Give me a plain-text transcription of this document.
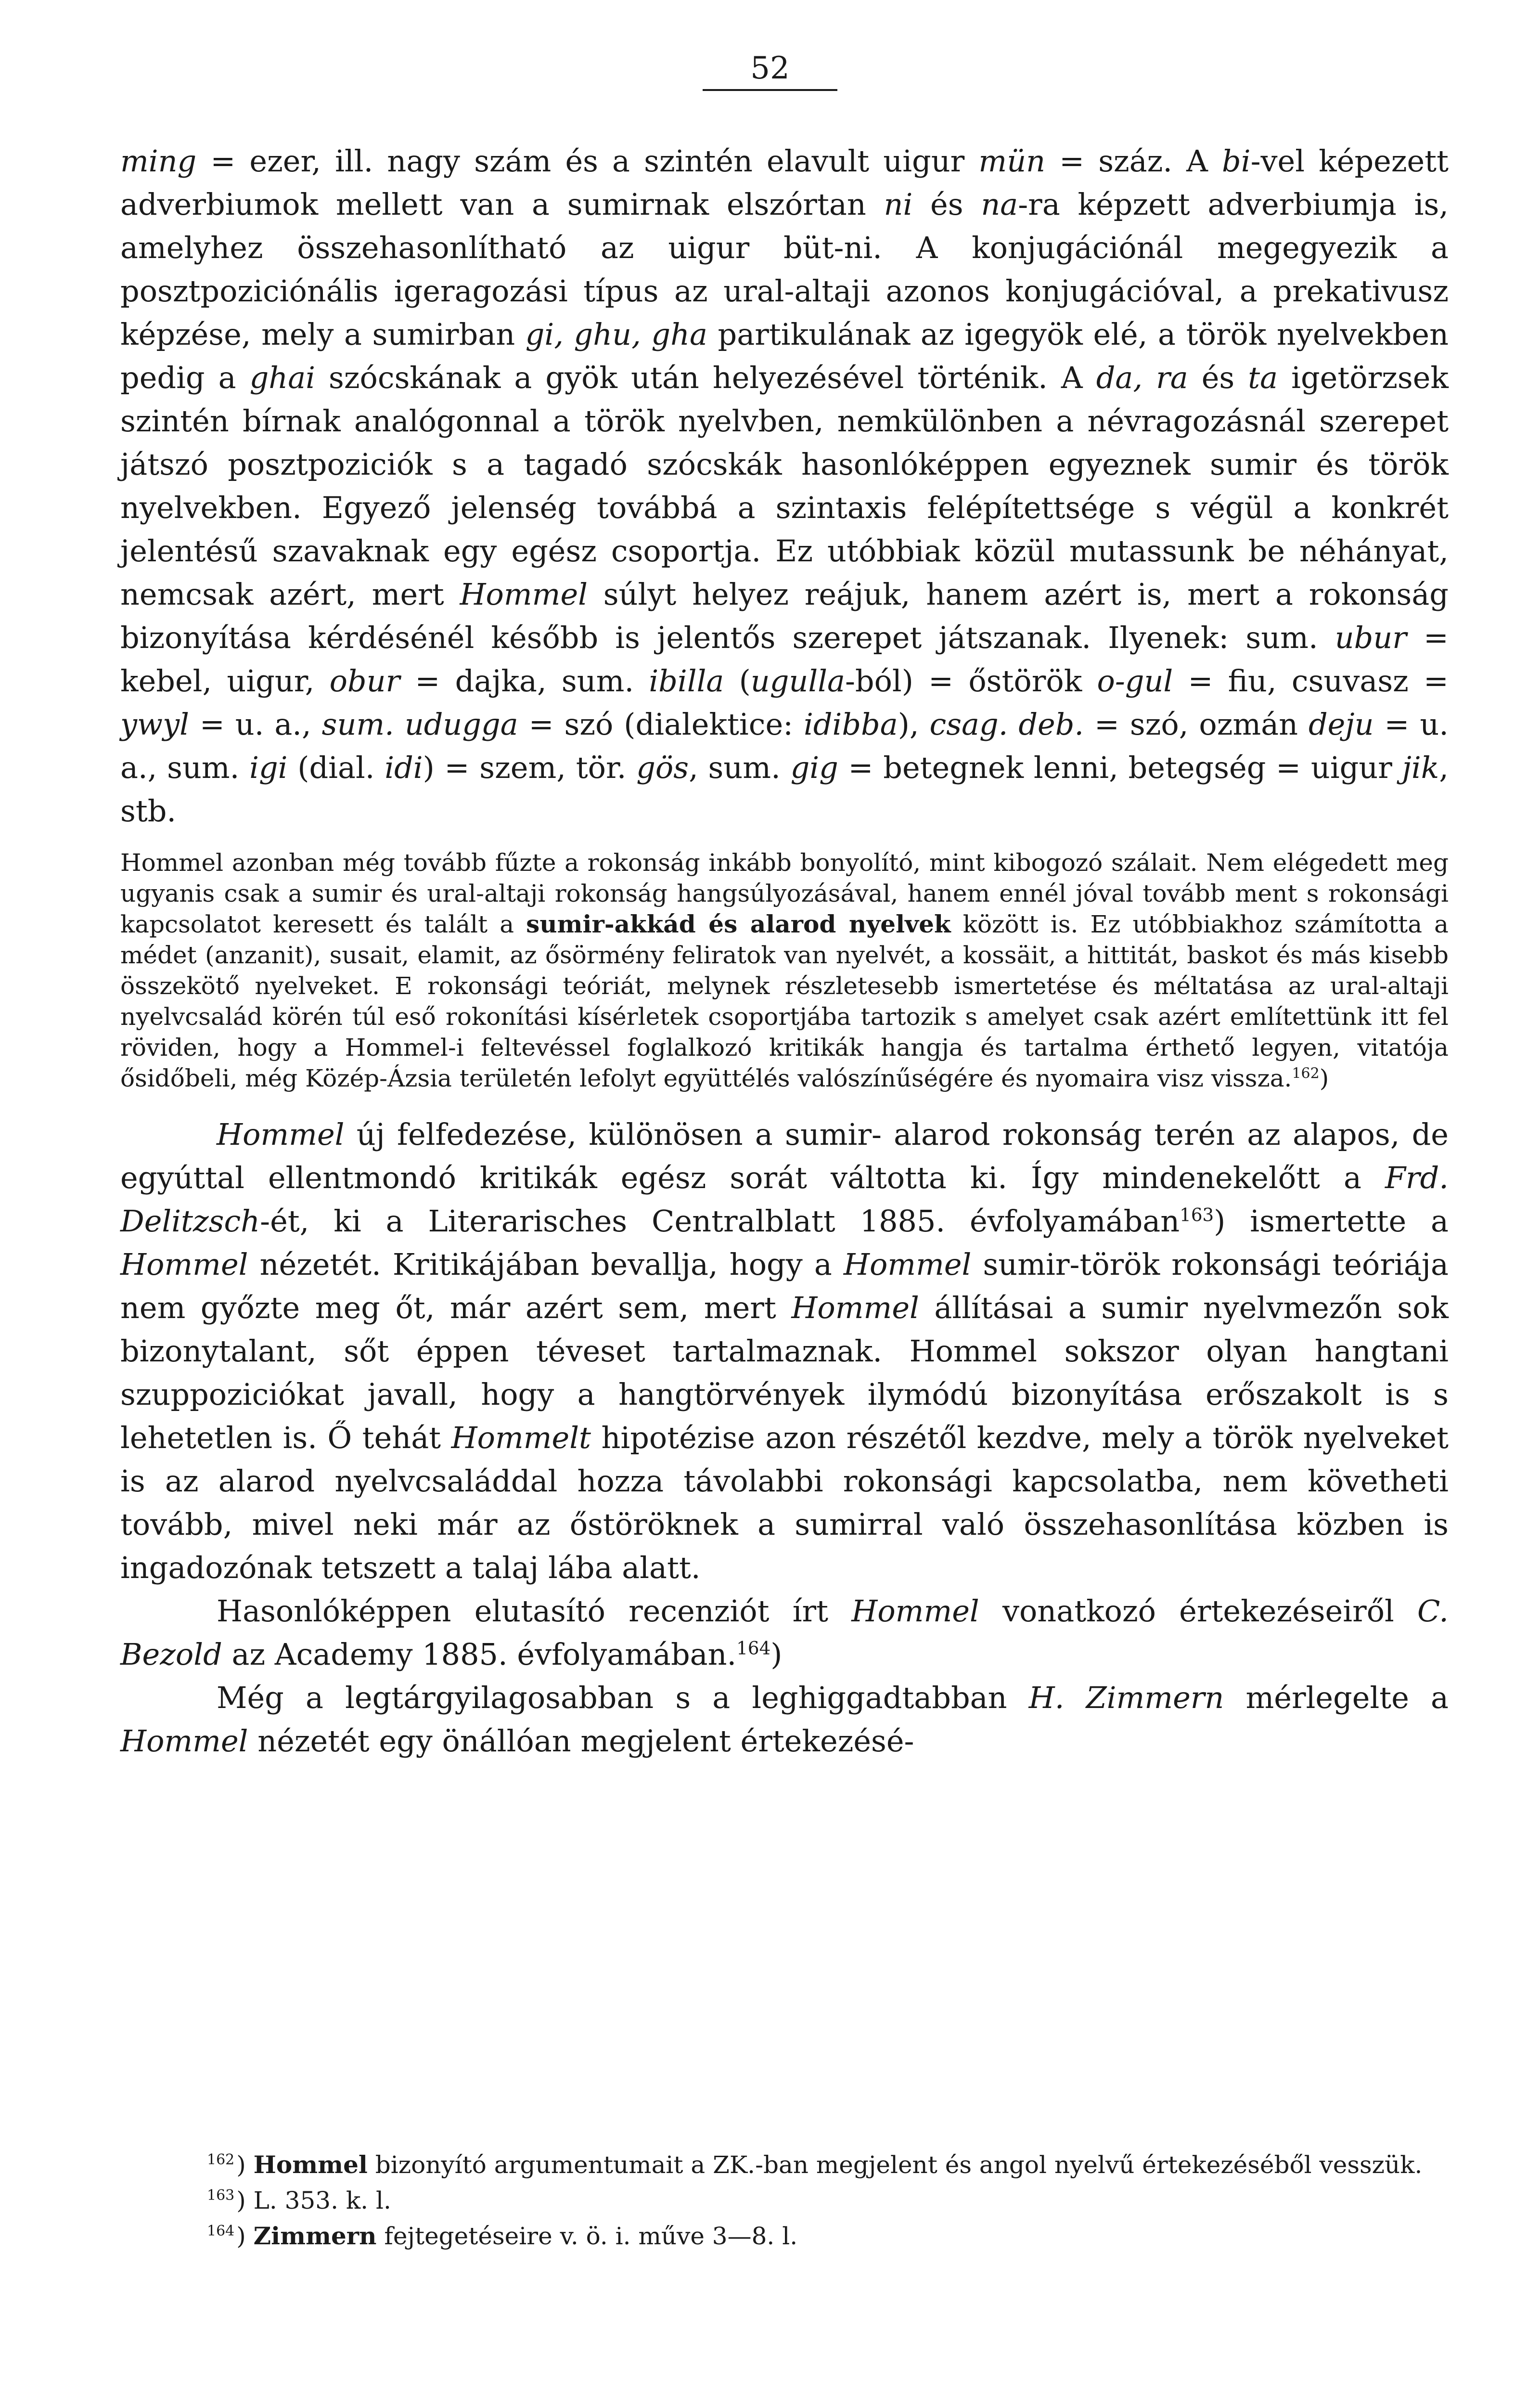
52

ming = ezer, ill. nagy szám és a szintén elavult uigur mün = száz. A bi-vel képezett adverbiumok mellett van a sumirnak elszórtan ni és na-ra képzett adverbiumja is, amelyhez összehasonlítható az uigur büt-ni. A konjugációnál megegyezik a posztpoziciónális igeragozási típus az ural-altaji azonos konjugációval, a prekativusz képzése, mely a sumirban gi, ghu, gha partikulának az igegyök elé, a török nyelvekben pedig a ghai szócskának a gyök után helyezésével történik. A da, ra és ta igetörzsek szintén bírnak analógonnal a török nyelvben, nemkülönben a névragozásnál szerepet játszó posztpoziciók s a tagadó szócskák hasonlóképpen egyeznek sumir és török nyelvekben. Egyező jelenség továbbá a szintaxis felépítettsége s végül a konkrét jelentésű szavaknak egy egész csoportja. Ez utóbbiak közül mutassunk be néhányat, nemcsak azért, mert Hommel súlyt helyez reájuk, hanem azért is, mert a rokonság bizonyítása kérdésénél később is jelentős szerepet játszanak. Ilyenek: sum. ubur = kebel, uigur, obur = dajka, sum. ibilla (ugulla-ból) = őstörök o-gul = fiu, csuvasz = ywyl = u. a., sum. udugga = szó (dialektice: idibba), csag. deb. = szó, ozmán deju = u. a., sum. igi (dial. idi) = szem, tör. gös, sum. gig = betegnek lenni, betegség = uigur jik, stb.

Hommel azonban még tovább fűzte a rokonság inkább bonyolító, mint kibogozó szálait. Nem elégedett meg ugyanis csak a sumir és ural-altaji rokonság hangsúlyozásával, hanem ennél jóval tovább ment s rokonsági kapcsolatot keresett és talált a sumir-akkád és alarod nyelvek között is. Ez utóbbiakhoz számította a médet (anzanit), susait, elamit, az ősörmény feliratok van nyelvét, a kossäit, a hittitát, baskot és más kisebb összekötő nyelveket. E rokonsági teóriát, melynek részletesebb ismertetése és méltatása az ural-altaji nyelvcsalád körén túl eső rokonítási kísérletek csoportjába tartozik s amelyet csak azért említettünk itt fel röviden, hogy a Hommel-i feltevéssel foglalkozó kritikák hangja és tartalma érthető legyen, vitatója ősidőbeli, még Közép-Ázsia területén lefolyt együttélés valószínűségére és nyomaira visz vissza.$^{162}$)

Hommel új felfedezése, különösen a sumir- alarod rokonság terén az alapos, de egyúttal ellentmondó kritikák egész sorát váltotta ki. Így mindenekelőtt a Frd. Delitzsch-ét, ki a Literarisches Centralblatt 1885. évfolyamában$^{163}$) ismertette a Hommel nézetét. Kritikájában bevallja, hogy a Hommel sumir-török rokonsági teóriája nem győzte meg őt, már azért sem, mert Hommel állításai a sumir nyelvmezőn sok bizonytalant, sőt éppen téveset tartalmaznak. Hommel sokszor olyan hangtani szuppoziciókat javall, hogy a hangtörvények ilymódú bizonyítása erőszakolt is s lehetetlen is. Ő tehát Hommelt hipotézise azon részétől kezdve, mely a török nyelveket is az alarod nyelvcsaláddal hozza távolabbi rokonsági kapcsolatba, nem követheti tovább, mivel neki már az őstöröknek a sumirral való összehasonlítása közben is ingadozónak tetszett a talaj lába alatt.

Hasonlóképpen elutasító recenziót írt Hommel vonatkozó értekezéseiről C. Bezold az Academy 1885. évfolyamában.$^{164}$)

Még a legtárgyilagosabban s a leghiggadtabban H. Zimmern mérlegelte a Hommel nézetét egy önállóan megjelent értekezésé-

$^{162}$) Hommel bizonyító argumentumait a ZK.-ban megjelent és angol nyelvű értekezéséből vesszük.

$^{163}$) L. 353. k. l.

$^{164}$) Zimmern fejtegetéseire v. ö. i. műve 3—8. l.
